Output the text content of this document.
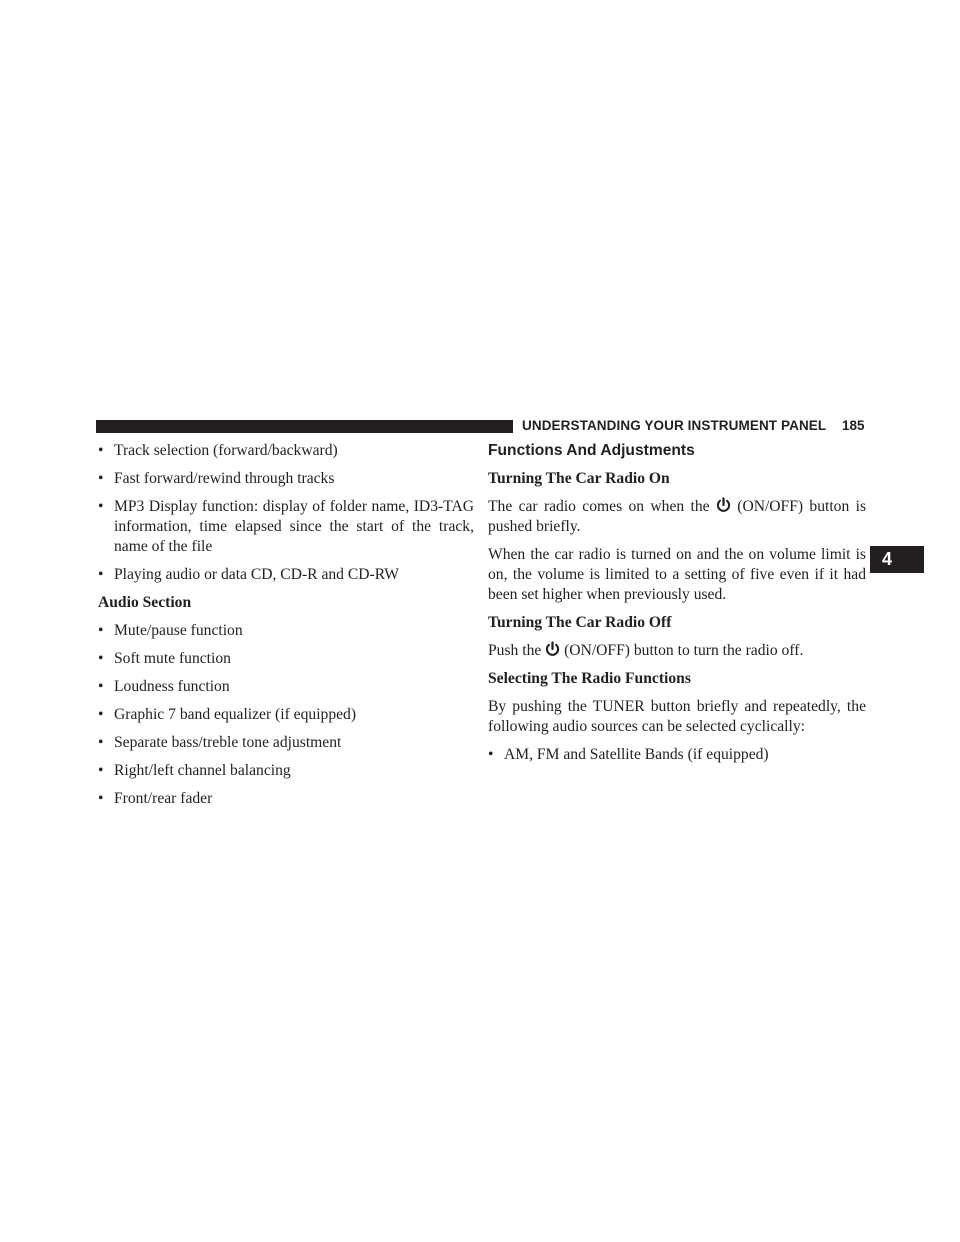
UNDERSTANDING YOUR INSTRUMENT PANEL 185
4
• Track selection (forward/backward)
• Fast forward/rewind through tracks
• MP3 Display function: display of folder name, ID3-TAG information, time elapsed since the start of the track, name of the file
• Playing audio or data CD, CD-R and CD-RW
Audio Section
• Mute/pause function
• Soft mute function
• Loudness function
• Graphic 7 band equalizer (if equipped)
• Separate bass/treble tone adjustment
• Right/left channel balancing
• Front/rear fader
Functions And Adjustments
Turning The Car Radio On

The car radio comes on when the (ON/OFF) button is pushed briefly.

When the car radio is turned on and the on volume limit is on, the volume is limited to a setting of five even if it had been set higher when previously used.

Turning The Car Radio Off

Push the (ON/OFF) button to turn the radio off.

Selecting The Radio Functions

By pushing the TUNER button briefly and repeatedly, the following audio sources can be selected cyclically:

• AM, FM and Satellite Bands (if equipped)
